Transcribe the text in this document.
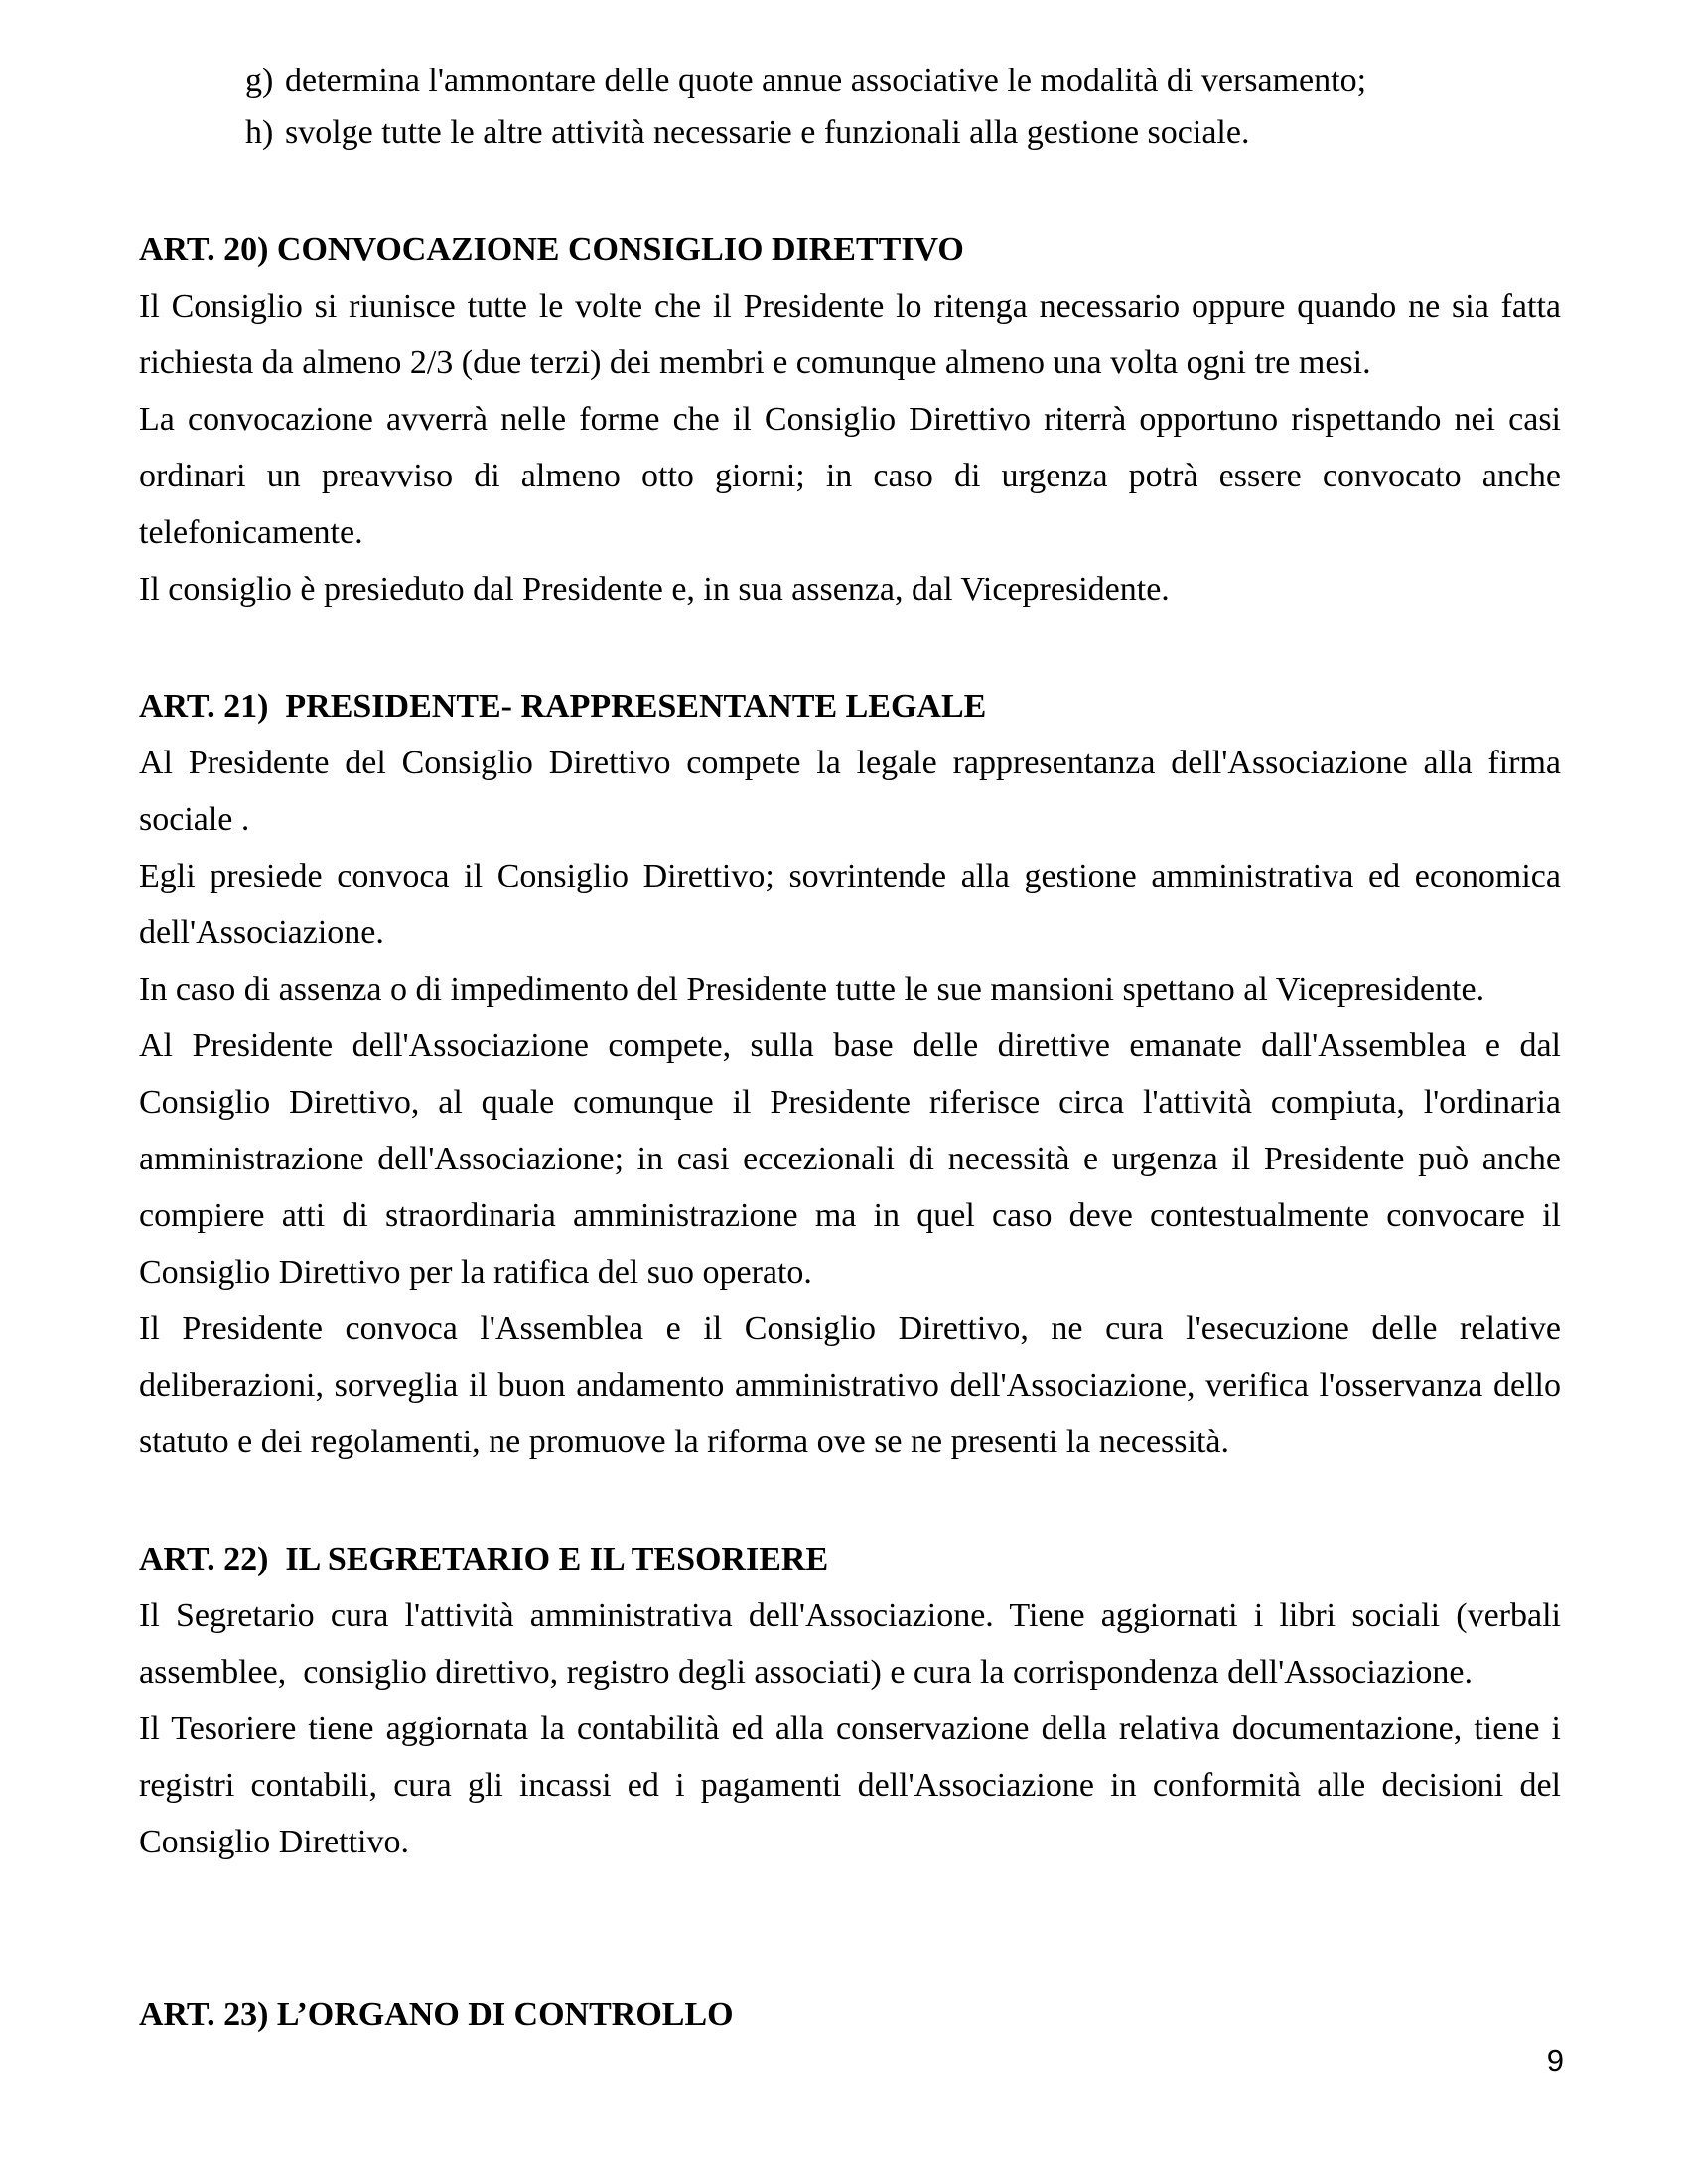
g) determina l'ammontare delle quote annue associative le modalità di versamento;
h) svolge tutte le altre attività necessarie e funzionali alla gestione sociale.
ART. 20) CONVOCAZIONE CONSIGLIO DIRETTIVO

Il Consiglio si riunisce tutte le volte che il Presidente lo ritenga necessario oppure quando ne sia fatta richiesta da almeno 2/3 (due terzi) dei membri e comunque almeno una volta ogni tre mesi.

La convocazione avverrà nelle forme che il Consiglio Direttivo riterrà opportuno rispettando nei casi ordinari un preavviso di almeno otto giorni; in caso di urgenza potrà essere convocato anche telefonicamente.

Il consiglio è presieduto dal Presidente e, in sua assenza, dal Vicepresidente.

ART. 21)  PRESIDENTE- RAPPRESENTANTE LEGALE

Al Presidente del Consiglio Direttivo compete la legale rappresentanza dell'Associazione alla firma sociale .

Egli presiede convoca il Consiglio Direttivo; sovrintende alla gestione amministrativa ed economica dell'Associazione.

In caso di assenza o di impedimento del Presidente tutte le sue mansioni spettano al Vicepresidente.

Al Presidente dell'Associazione compete, sulla base delle direttive emanate dall'Assemblea e dal Consiglio Direttivo, al quale comunque il Presidente riferisce circa l'attività compiuta, l'ordinaria amministrazione dell'Associazione; in casi eccezionali di necessità e urgenza il Presidente può anche compiere atti di straordinaria amministrazione ma in quel caso deve contestualmente convocare il Consiglio Direttivo per la ratifica del suo operato.

Il Presidente convoca l'Assemblea e il Consiglio Direttivo, ne cura l'esecuzione delle relative deliberazioni, sorveglia il buon andamento amministrativo dell'Associazione, verifica l'osservanza dello statuto e dei regolamenti, ne promuove la riforma ove se ne presenti la necessità.

ART. 22)  IL SEGRETARIO E IL TESORIERE

Il Segretario cura l'attività amministrativa dell'Associazione. Tiene aggiornati i libri sociali (verbali assemblee,  consiglio direttivo, registro degli associati) e cura la corrispondenza dell'Associazione.

Il Tesoriere tiene aggiornata la contabilità ed alla conservazione della relativa documentazione, tiene i registri contabili, cura gli incassi ed i pagamenti dell'Associazione in conformità alle decisioni del Consiglio Direttivo.

ART. 23) L’ORGANO DI CONTROLLO
9
